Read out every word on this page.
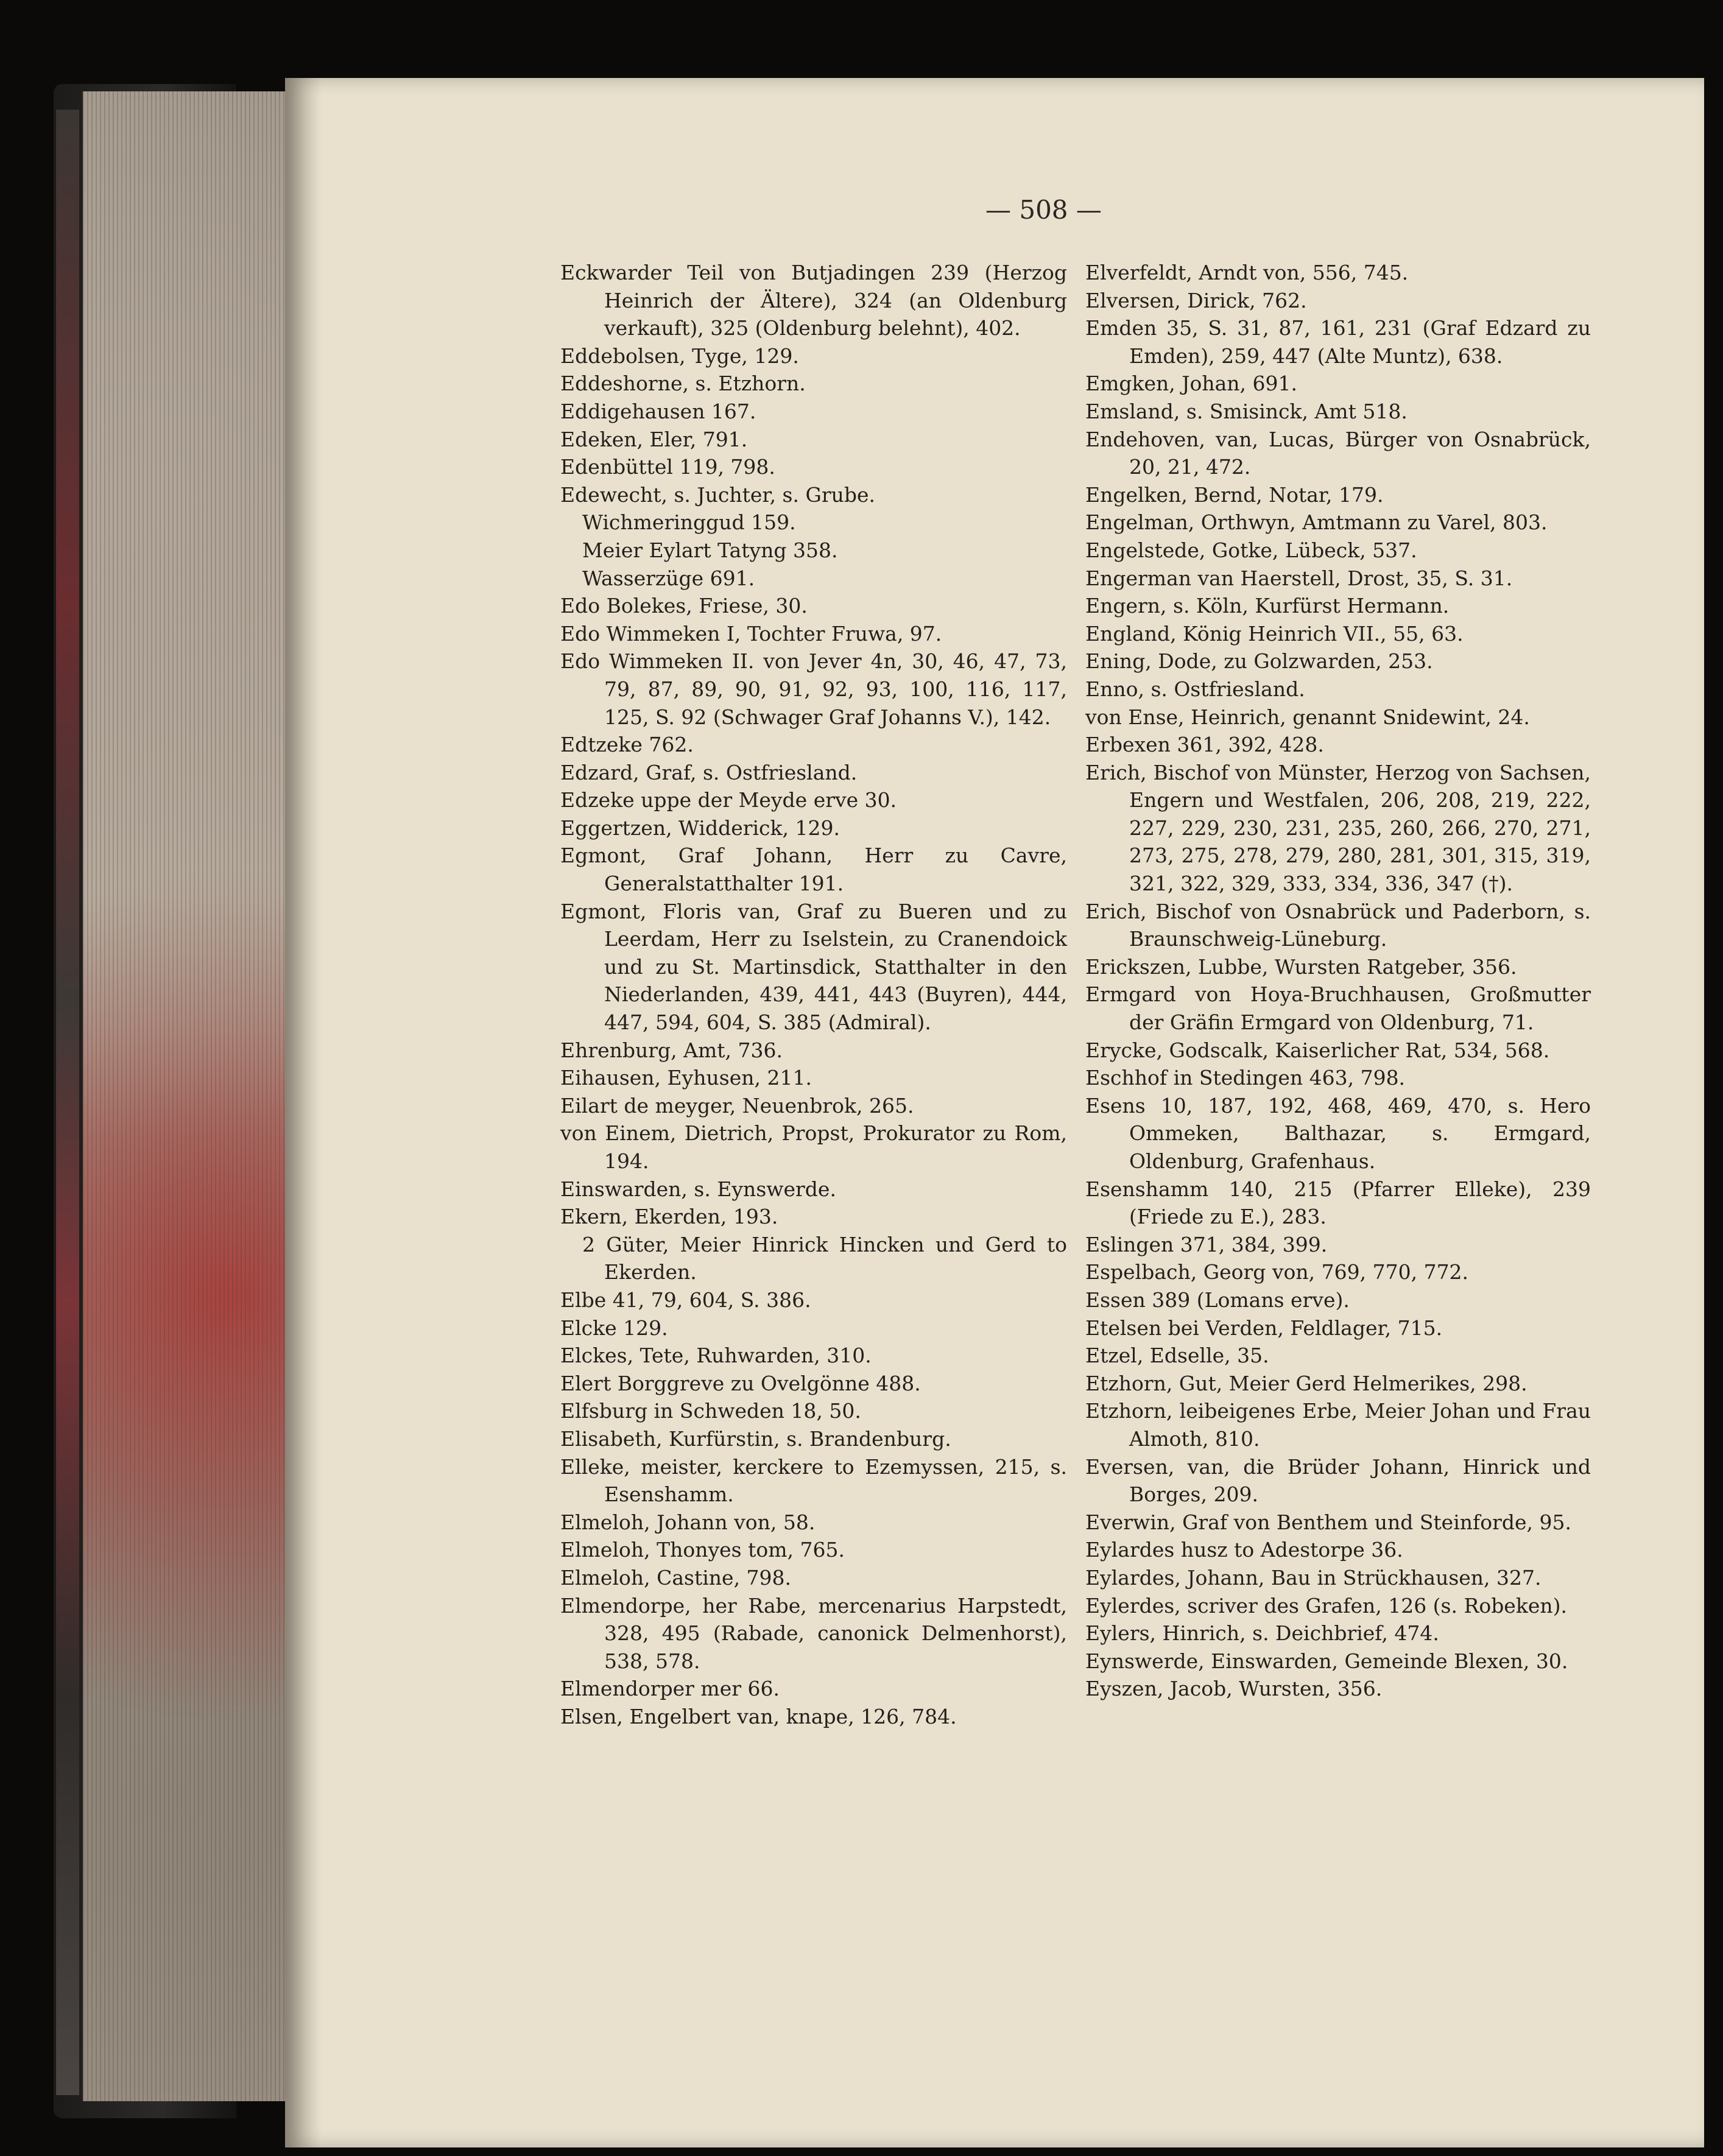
— 508 —

Eckwarder Teil von Butjadingen 239 (Herzog Heinrich der Ältere), 324 (an Oldenburg verkauft), 325 (Oldenburg belehnt), 402.

Eddebolsen, Tyge, 129.

Eddeshorne, s. Etzhorn.

Eddigehausen 167.

Edeken, Eler, 791.

Edenbüttel 119, 798.

Edewecht, s. Juchter, s. Grube.

Wichmeringgud 159.

Meier Eylart Tatyng 358.

Wasserzüge 691.

Edo Bolekes, Friese, 30.

Edo Wimmeken I, Tochter Fruwa, 97.

Edo Wimmeken II. von Jever 4n, 30, 46, 47, 73, 79, 87, 89, 90, 91, 92, 93, 100, 116, 117, 125, S. 92 (Schwager Graf Johanns V.), 142.

Edtzeke 762.

Edzard, Graf, s. Ostfriesland.

Edzeke uppe der Meyde erve 30.

Eggertzen, Widderick, 129.

Egmont, Graf Johann, Herr zu Cavre, Generalstatthalter 191.

Egmont, Floris van, Graf zu Bueren und zu Leerdam, Herr zu Iselstein, zu Cranendoick und zu St. Martinsdick, Statthalter in den Niederlanden, 439, 441, 443 (Buyren), 444, 447, 594, 604, S. 385 (Admiral).

Ehrenburg, Amt, 736.

Eihausen, Eyhusen, 211.

Eilart de meyger, Neuenbrok, 265.

von Einem, Dietrich, Propst, Prokurator zu Rom, 194.

Einswarden, s. Eynswerde.

Ekern, Ekerden, 193.

2 Güter, Meier Hinrick Hincken und Gerd to Ekerden.

Elbe 41, 79, 604, S. 386.

Elcke 129.

Elckes, Tete, Ruhwarden, 310.

Elert Borggreve zu Ovelgönne 488.

Elfsburg in Schweden 18, 50.

Elisabeth, Kurfürstin, s. Brandenburg.

Elleke, meister, kerckere to Ezemyssen, 215, s. Esenshamm.

Elmeloh, Johann von, 58.

Elmeloh, Thonyes tom, 765.

Elmeloh, Castine, 798.

Elmendorpe, her Rabe, mercenarius Harpstedt, 328, 495 (Rabade, canonick Delmenhorst), 538, 578.

Elmendorper mer 66.

Elsen, Engelbert van, knape, 126, 784.

Elverfeldt, Arndt von, 556, 745.

Elversen, Dirick, 762.

Emden 35, S. 31, 87, 161, 231 (Graf Edzard zu Emden), 259, 447 (Alte Muntz), 638.

Emgken, Johan, 691.

Emsland, s. Smisinck, Amt 518.

Endehoven, van, Lucas, Bürger von Osnabrück, 20, 21, 472.

Engelken, Bernd, Notar, 179.

Engelman, Orthwyn, Amtmann zu Varel, 803.

Engelstede, Gotke, Lübeck, 537.

Engerman van Haerstell, Drost, 35, S. 31.

Engern, s. Köln, Kurfürst Hermann.

England, König Heinrich VII., 55, 63.

Ening, Dode, zu Golzwarden, 253.

Enno, s. Ostfriesland.

von Ense, Heinrich, genannt Snidewint, 24.

Erbexen 361, 392, 428.

Erich, Bischof von Münster, Herzog von Sachsen, Engern und Westfalen, 206, 208, 219, 222, 227, 229, 230, 231, 235, 260, 266, 270, 271, 273, 275, 278, 279, 280, 281, 301, 315, 319, 321, 322, 329, 333, 334, 336, 347 (†).

Erich, Bischof von Osnabrück und Paderborn, s. Braunschweig-Lüneburg.

Erickszen, Lubbe, Wursten Ratgeber, 356.

Ermgard von Hoya-Bruchhausen, Großmutter der Gräfin Ermgard von Oldenburg, 71.

Erycke, Godscalk, Kaiserlicher Rat, 534, 568.

Eschhof in Stedingen 463, 798.

Esens 10, 187, 192, 468, 469, 470, s. Hero Ommeken, Balthazar, s. Ermgard, Oldenburg, Grafenhaus.

Esenshamm 140, 215 (Pfarrer Elleke), 239 (Friede zu E.), 283.

Eslingen 371, 384, 399.

Espelbach, Georg von, 769, 770, 772.

Essen 389 (Lomans erve).

Etelsen bei Verden, Feldlager, 715.

Etzel, Edselle, 35.

Etzhorn, Gut, Meier Gerd Helmerikes, 298.

Etzhorn, leibeigenes Erbe, Meier Johan und Frau Almoth, 810.

Eversen, van, die Brüder Johann, Hinrick und Borges, 209.

Everwin, Graf von Benthem und Steinforde, 95.

Eylardes husz to Adestorpe 36.

Eylardes, Johann, Bau in Strückhausen, 327.

Eylerdes, scriver des Grafen, 126 (s. Robeken).

Eylers, Hinrich, s. Deichbrief, 474.

Eynswerde, Einswarden, Gemeinde Blexen, 30.

Eyszen, Jacob, Wursten, 356.
